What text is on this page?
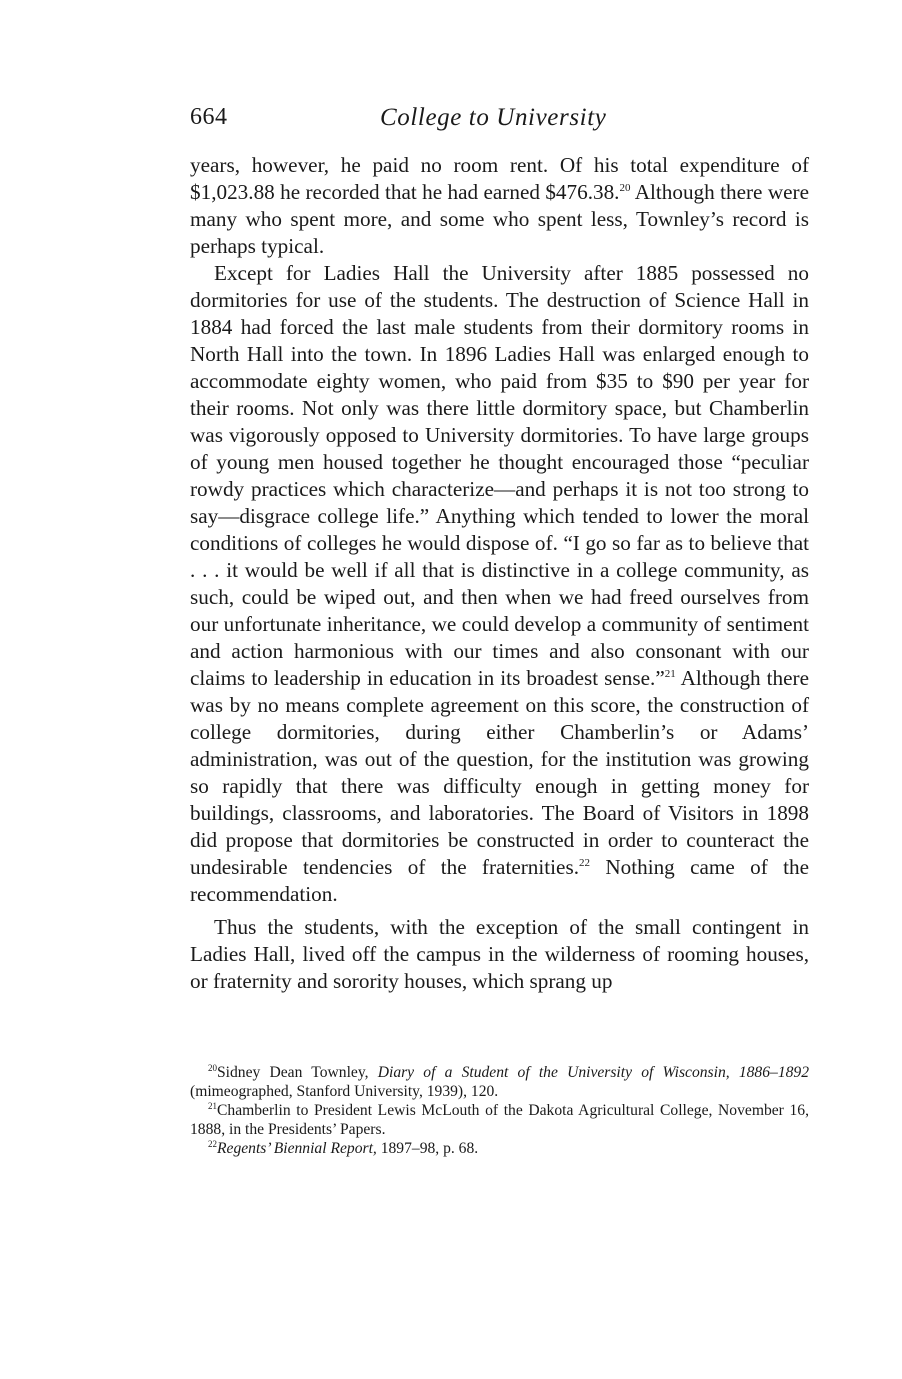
664	College to University

years, however, he paid no room rent. Of his total expenditure of $1,023.88 he recorded that he had earned $476.38.20 Although there were many who spent more, and some who spent less, Townley’s record is perhaps typical.

Except for Ladies Hall the University after 1885 possessed no dormitories for use of the students. The destruction of Science Hall in 1884 had forced the last male students from their dormitory rooms in North Hall into the town. In 1896 Ladies Hall was enlarged enough to accommodate eighty women, who paid from $35 to $90 per year for their rooms. Not only was there little dormitory space, but Chamberlin was vigorously opposed to University dormitories. To have large groups of young men housed together he thought encouraged those “peculiar rowdy practices which characterize—and perhaps it is not too strong to say—disgrace college life.” Anything which tended to lower the moral conditions of colleges he would dispose of. “I go so far as to believe that . . . it would be well if all that is distinctive in a college community, as such, could be wiped out, and then when we had freed ourselves from our unfortunate inheritance, we could develop a community of sentiment and action harmonious with our times and also consonant with our claims to leadership in education in its broadest sense.”$^{21}$ Although there was by no means complete agreement on this score, the construction of college dormitories, during either Chamberlin’s or Adams’ administration, was out of the question, for the institution was growing so rapidly that there was difficulty enough in getting money for buildings, classrooms, and laboratories. The Board of Visitors in 1898 did propose that dormitories be constructed in order to counteract the undesirable tendencies of the fraternities.$^{22}$ Nothing came of the recommendation.

Thus the students, with the exception of the small contingent in Ladies Hall, lived off the campus in the wilderness of rooming houses, or fraternity and sorority houses, which sprang up

$^{20}$Sidney Dean Townley, Diary of a Student of the University of Wisconsin, 1886–1892 (mimeographed, Stanford University, 1939), 120.

$^{21}$Chamberlin to President Lewis McLouth of the Dakota Agricultural College, November 16, 1888, in the Presidents’ Papers.

$^{22}$Regents’ Biennial Report, 1897–98, p. 68.
